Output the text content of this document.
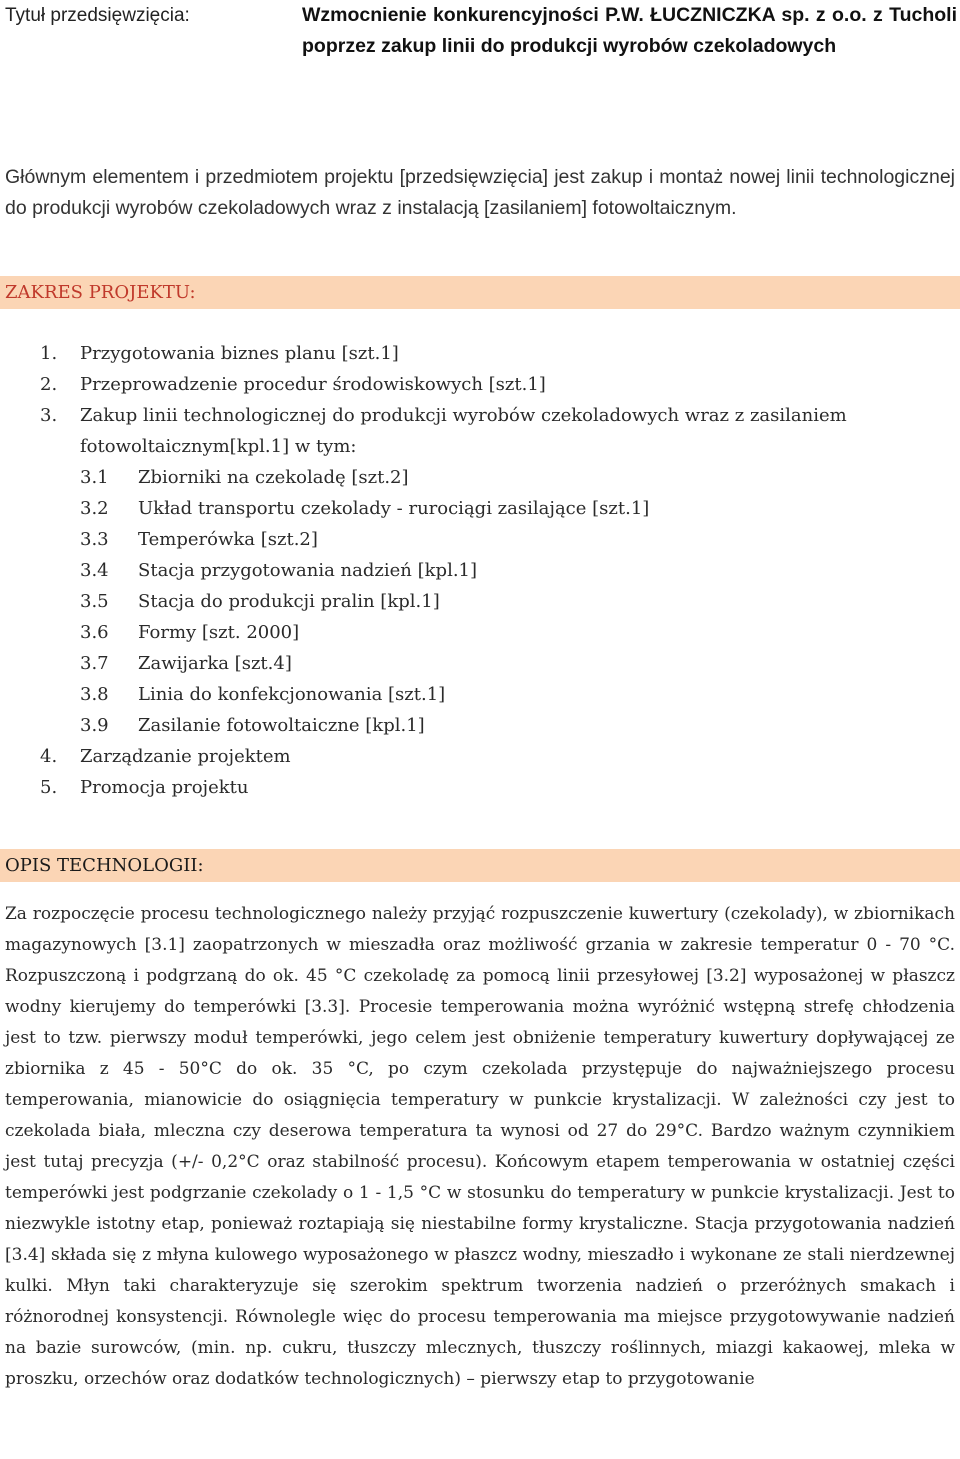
Tytuł przedsięwzięcia:	Wzmocnienie konkurencyjności P.W. ŁUCZNICZKA sp. z o.o. z Tucholi poprzez zakup linii do produkcji wyrobów czekoladowych
Głównym elementem i przedmiotem projektu [przedsięwzięcia] jest zakup i montaż nowej linii technologicznej do produkcji wyrobów czekoladowych wraz z instalacją [zasilaniem] fotowoltaicznym.
ZAKRES PROJEKTU:
1. Przygotowania biznes planu [szt.1]
2. Przeprowadzenie procedur środowiskowych [szt.1]
3. Zakup linii technologicznej do produkcji wyrobów czekoladowych wraz z zasilaniem
fotowoltaicznym[kpl.1] w tym:
3.1 Zbiorniki na czekoladę [szt.2]
3.2 Układ transportu czekolady - rurociągi zasilające [szt.1]
3.3 Temperówka [szt.2]
3.4 Stacja przygotowania nadzień [kpl.1]
3.5 Stacja do produkcji pralin [kpl.1]
3.6 Formy [szt. 2000]
3.7 Zawijarka [szt.4]
3.8 Linia do konfekcjonowania [szt.1]
3.9 Zasilanie fotowoltaiczne [kpl.1]
4. Zarządzanie projektem
5. Promocja projektu
OPIS TECHNOLOGII:
Za rozpoczęcie procesu technologicznego należy przyjąć rozpuszczenie kuwertury (czekolady), w zbiornikach magazynowych [3.1] zaopatrzonych w mieszadła oraz możliwość grzania w zakresie temperatur 0 - 70 °C. Rozpuszczoną i podgrzaną do ok. 45 °C czekoladę za pomocą linii przesyłowej [3.2] wyposażonej w płaszcz wodny kierujemy do temperówki [3.3]. Procesie temperowania można wyróżnić wstępną strefę chłodzenia jest to tzw. pierwszy moduł temperówki, jego celem jest obniżenie temperatury kuwertury dopływającej ze zbiornika z 45 - 50°C do ok. 35 °C, po czym czekolada przystępuje do najważniejszego procesu temperowania, mianowicie do osiągnięcia temperatury w punkcie krystalizacji. W zależności czy jest to czekolada biała, mleczna czy deserowa temperatura ta wynosi od 27 do 29°C. Bardzo ważnym czynnikiem jest tutaj precyzja (+/- 0,2°C oraz stabilność procesu). Końcowym etapem temperowania w ostatniej części temperówki jest podgrzanie czekolady o 1 - 1,5 °C w stosunku do temperatury w punkcie krystalizacji. Jest to niezwykle istotny etap, ponieważ roztapiają się niestabilne formy krystaliczne. Stacja przygotowania nadzień [3.4] składa się z młyna kulowego wyposażonego w płaszcz wodny, mieszadło i wykonane ze stali nierdzewnej kulki. Młyn taki charakteryzuje się szerokim spektrum tworzenia nadzień o przeróżnych smakach i różnorodnej konsystencji. Równolegle więc do procesu temperowania ma miejsce przygotowywanie nadzień na bazie surowców, (min. np. cukru, tłuszczy mlecznych, tłuszczy roślinnych, miazgi kakaowej, mleka w proszku, orzechów oraz dodatków technologicznych) – pierwszy etap to przygotowanie
